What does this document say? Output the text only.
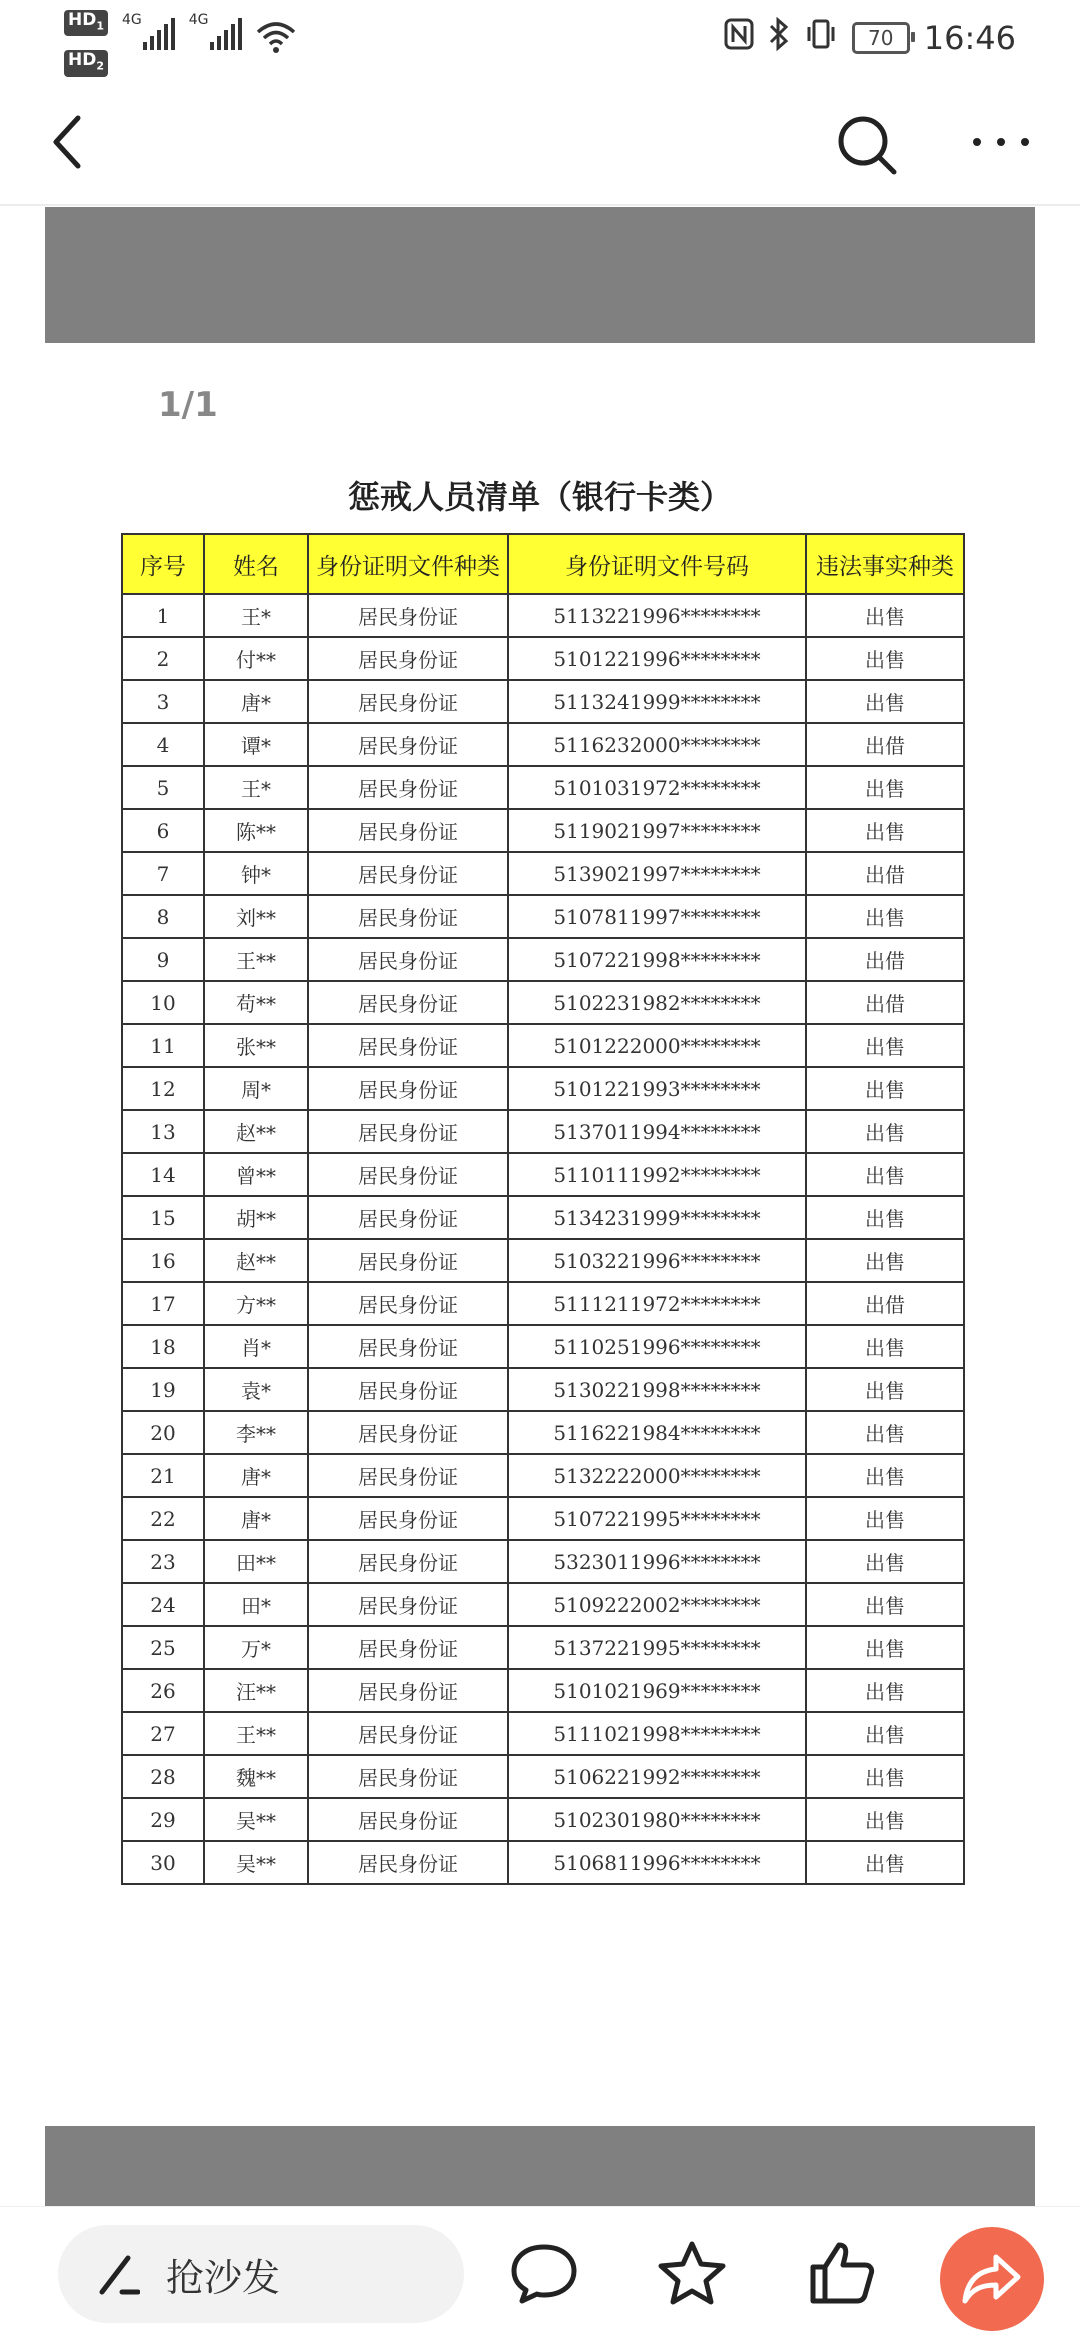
$HD_1$
$HD_2$
4G	4G
70 16:46
1/1
惩戒人员清单（银行卡类）
序号	姓名	身份证明文件种类	身份证明文件号码	违法事实种类
1	王*	居民身份证	5113221996********	出售
2	付**	居民身份证	5101221996********	出售
3	唐*	居民身份证	5113241999********	出售
4	谭*	居民身份证	5116232000********	出借
5	王*	居民身份证	5101031972********	出售
6	陈**	居民身份证	5119021997********	出售
7	钟*	居民身份证	5139021997********	出借
8	刘**	居民身份证	5107811997********	出售
9	王**	居民身份证	5107221998********	出借
10	苟**	居民身份证	5102231982********	出借
11	张**	居民身份证	5101222000********	出售
12	周*	居民身份证	5101221993********	出售
13	赵**	居民身份证	5137011994********	出售
14	曾**	居民身份证	5110111992********	出售
15	胡**	居民身份证	5134231999********	出售
16	赵**	居民身份证	5103221996********	出售
17	方**	居民身份证	5111211972********	出借
18	肖*	居民身份证	5110251996********	出售
19	袁*	居民身份证	5130221998********	出售
20	李**	居民身份证	5116221984********	出售
21	唐*	居民身份证	5132222000********	出售
22	唐*	居民身份证	5107221995********	出售
23	田**	居民身份证	5323011996********	出售
24	田*	居民身份证	5109222002********	出售
25	万*	居民身份证	5137221995********	出售
26	汪**	居民身份证	5101021969********	出售
27	王**	居民身份证	5111021998********	出售
28	魏**	居民身份证	5106221992********	出售
29	吴**	居民身份证	5102301980********	出售
30	吴**	居民身份证	5106811996********	出售
抢沙发
